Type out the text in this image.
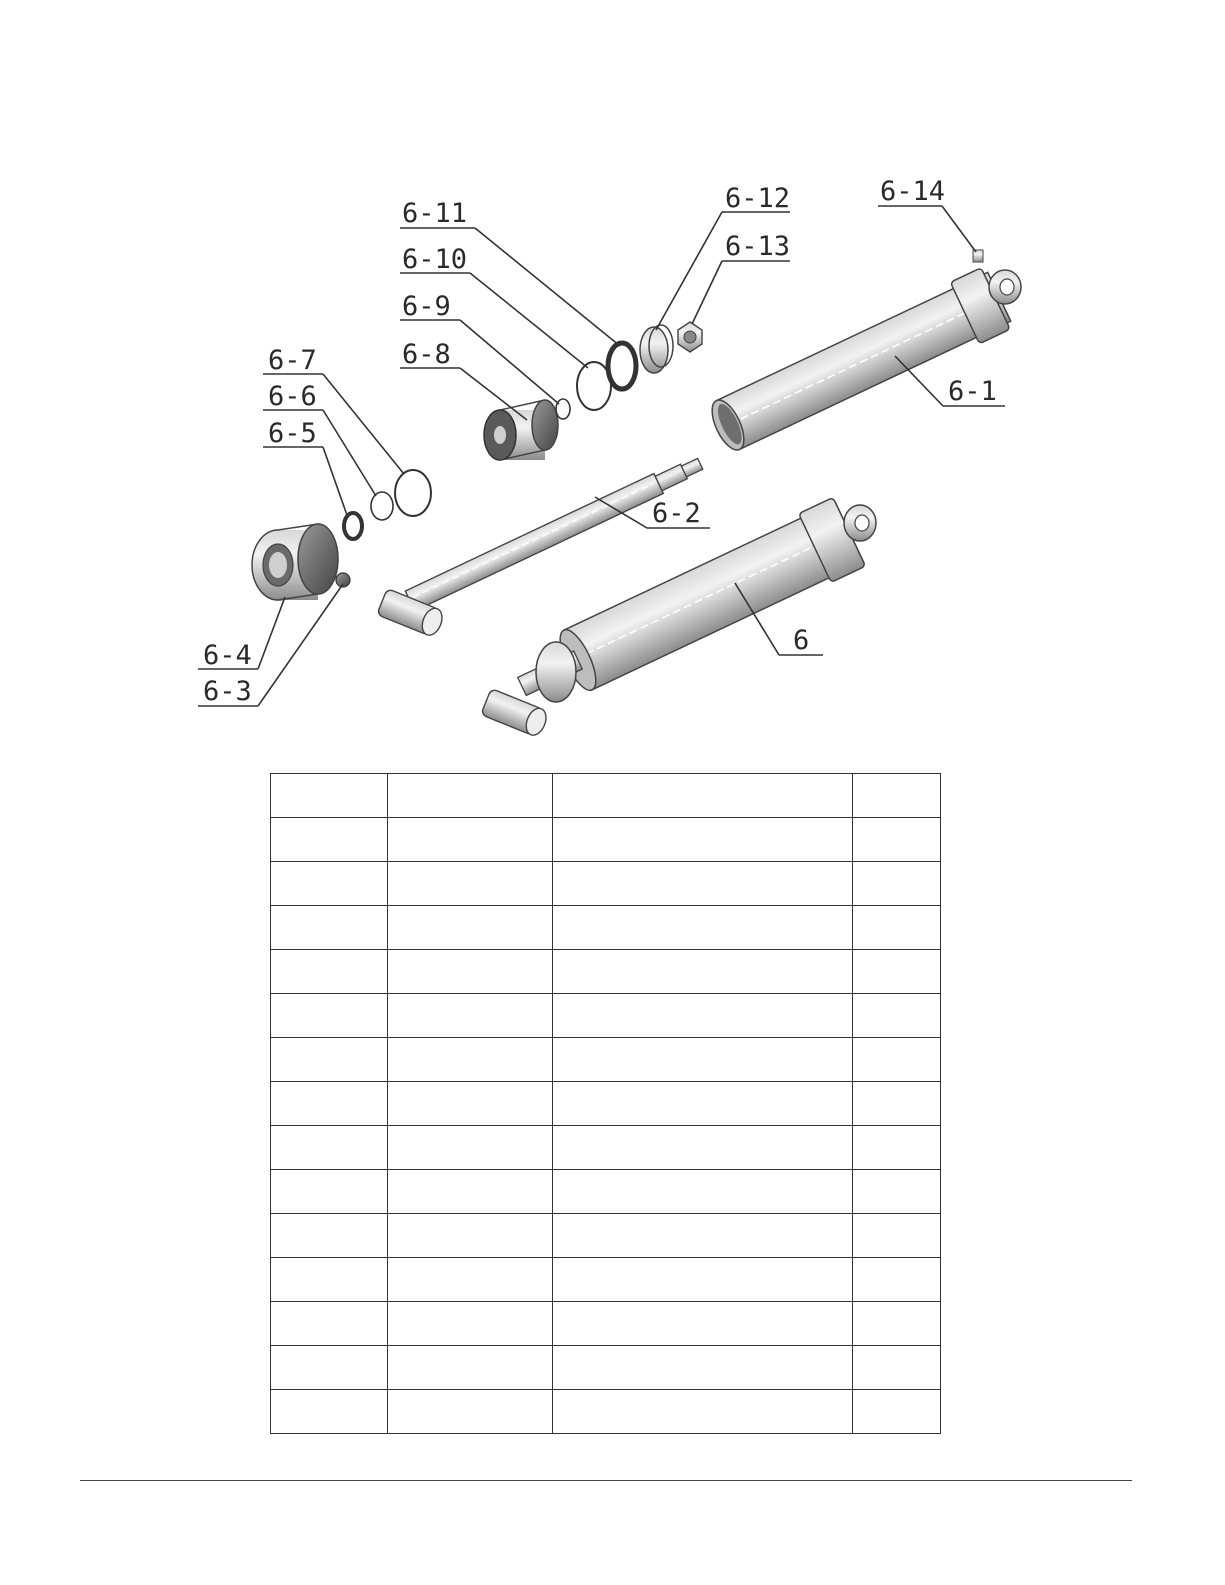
6-14
6-12
6-13
6-11
6-10
6-9
6-8
6-7
6-6
6-5
6-1
6-2
6
6-4
6-3
